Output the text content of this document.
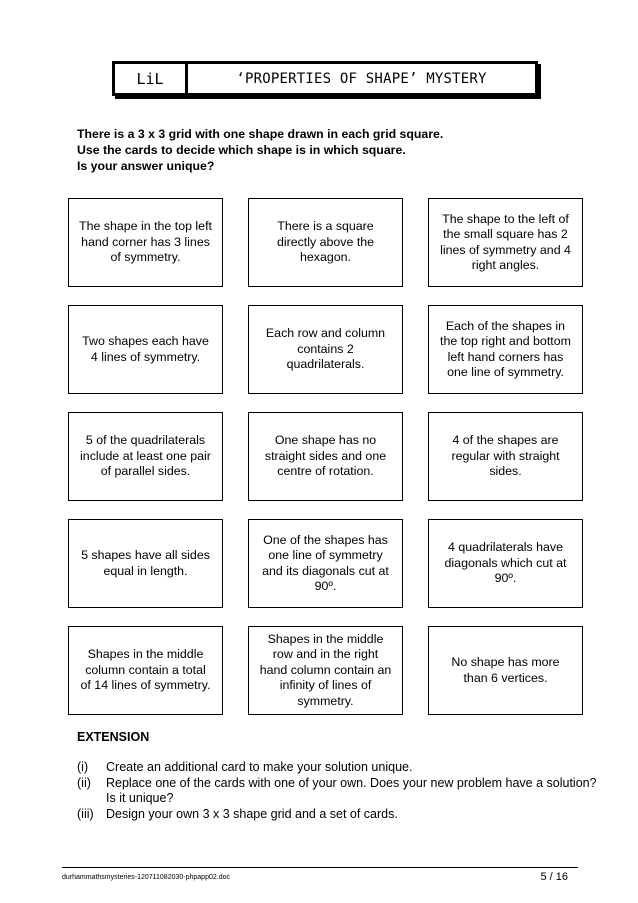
LiL	‘PROPERTIES OF SHAPE’ MYSTERY
There is a 3 x 3 grid with one shape drawn in each grid square.
Use the cards to decide which shape is in which square.
Is your answer unique?
The shape in the top left hand corner has 3 lines of symmetry.
There is a square directly above the hexagon.
The shape to the left of the small square has 2 lines of symmetry and 4 right angles.
Two shapes each have 4 lines of symmetry.
Each row and column contains 2 quadrilaterals.
Each of the shapes in the top right and bottom left hand corners has one line of symmetry.
5 of the quadrilaterals include at least one pair of parallel sides.
One shape has no straight sides and one centre of rotation.
4 of the shapes are regular with straight sides.
5 shapes have all sides equal in length.
One of the shapes has one line of symmetry and its diagonals cut at 90º.
4 quadrilaterals have diagonals which cut at 90º.
Shapes in the middle column contain a total of 14 lines of symmetry.
Shapes in the middle row and in the right hand column contain an infinity of lines of symmetry.
No shape has more than 6 vertices.
EXTENSION
(i)	Create an additional card to make your solution unique.
(ii)	Replace one of the cards with one of your own. Does your new problem have a solution? Is it unique?
(iii) Design your own 3 x 3 shape grid and a set of cards.
durhammathsmysteries-120711082030-phpapp02.doc	5 / 16
